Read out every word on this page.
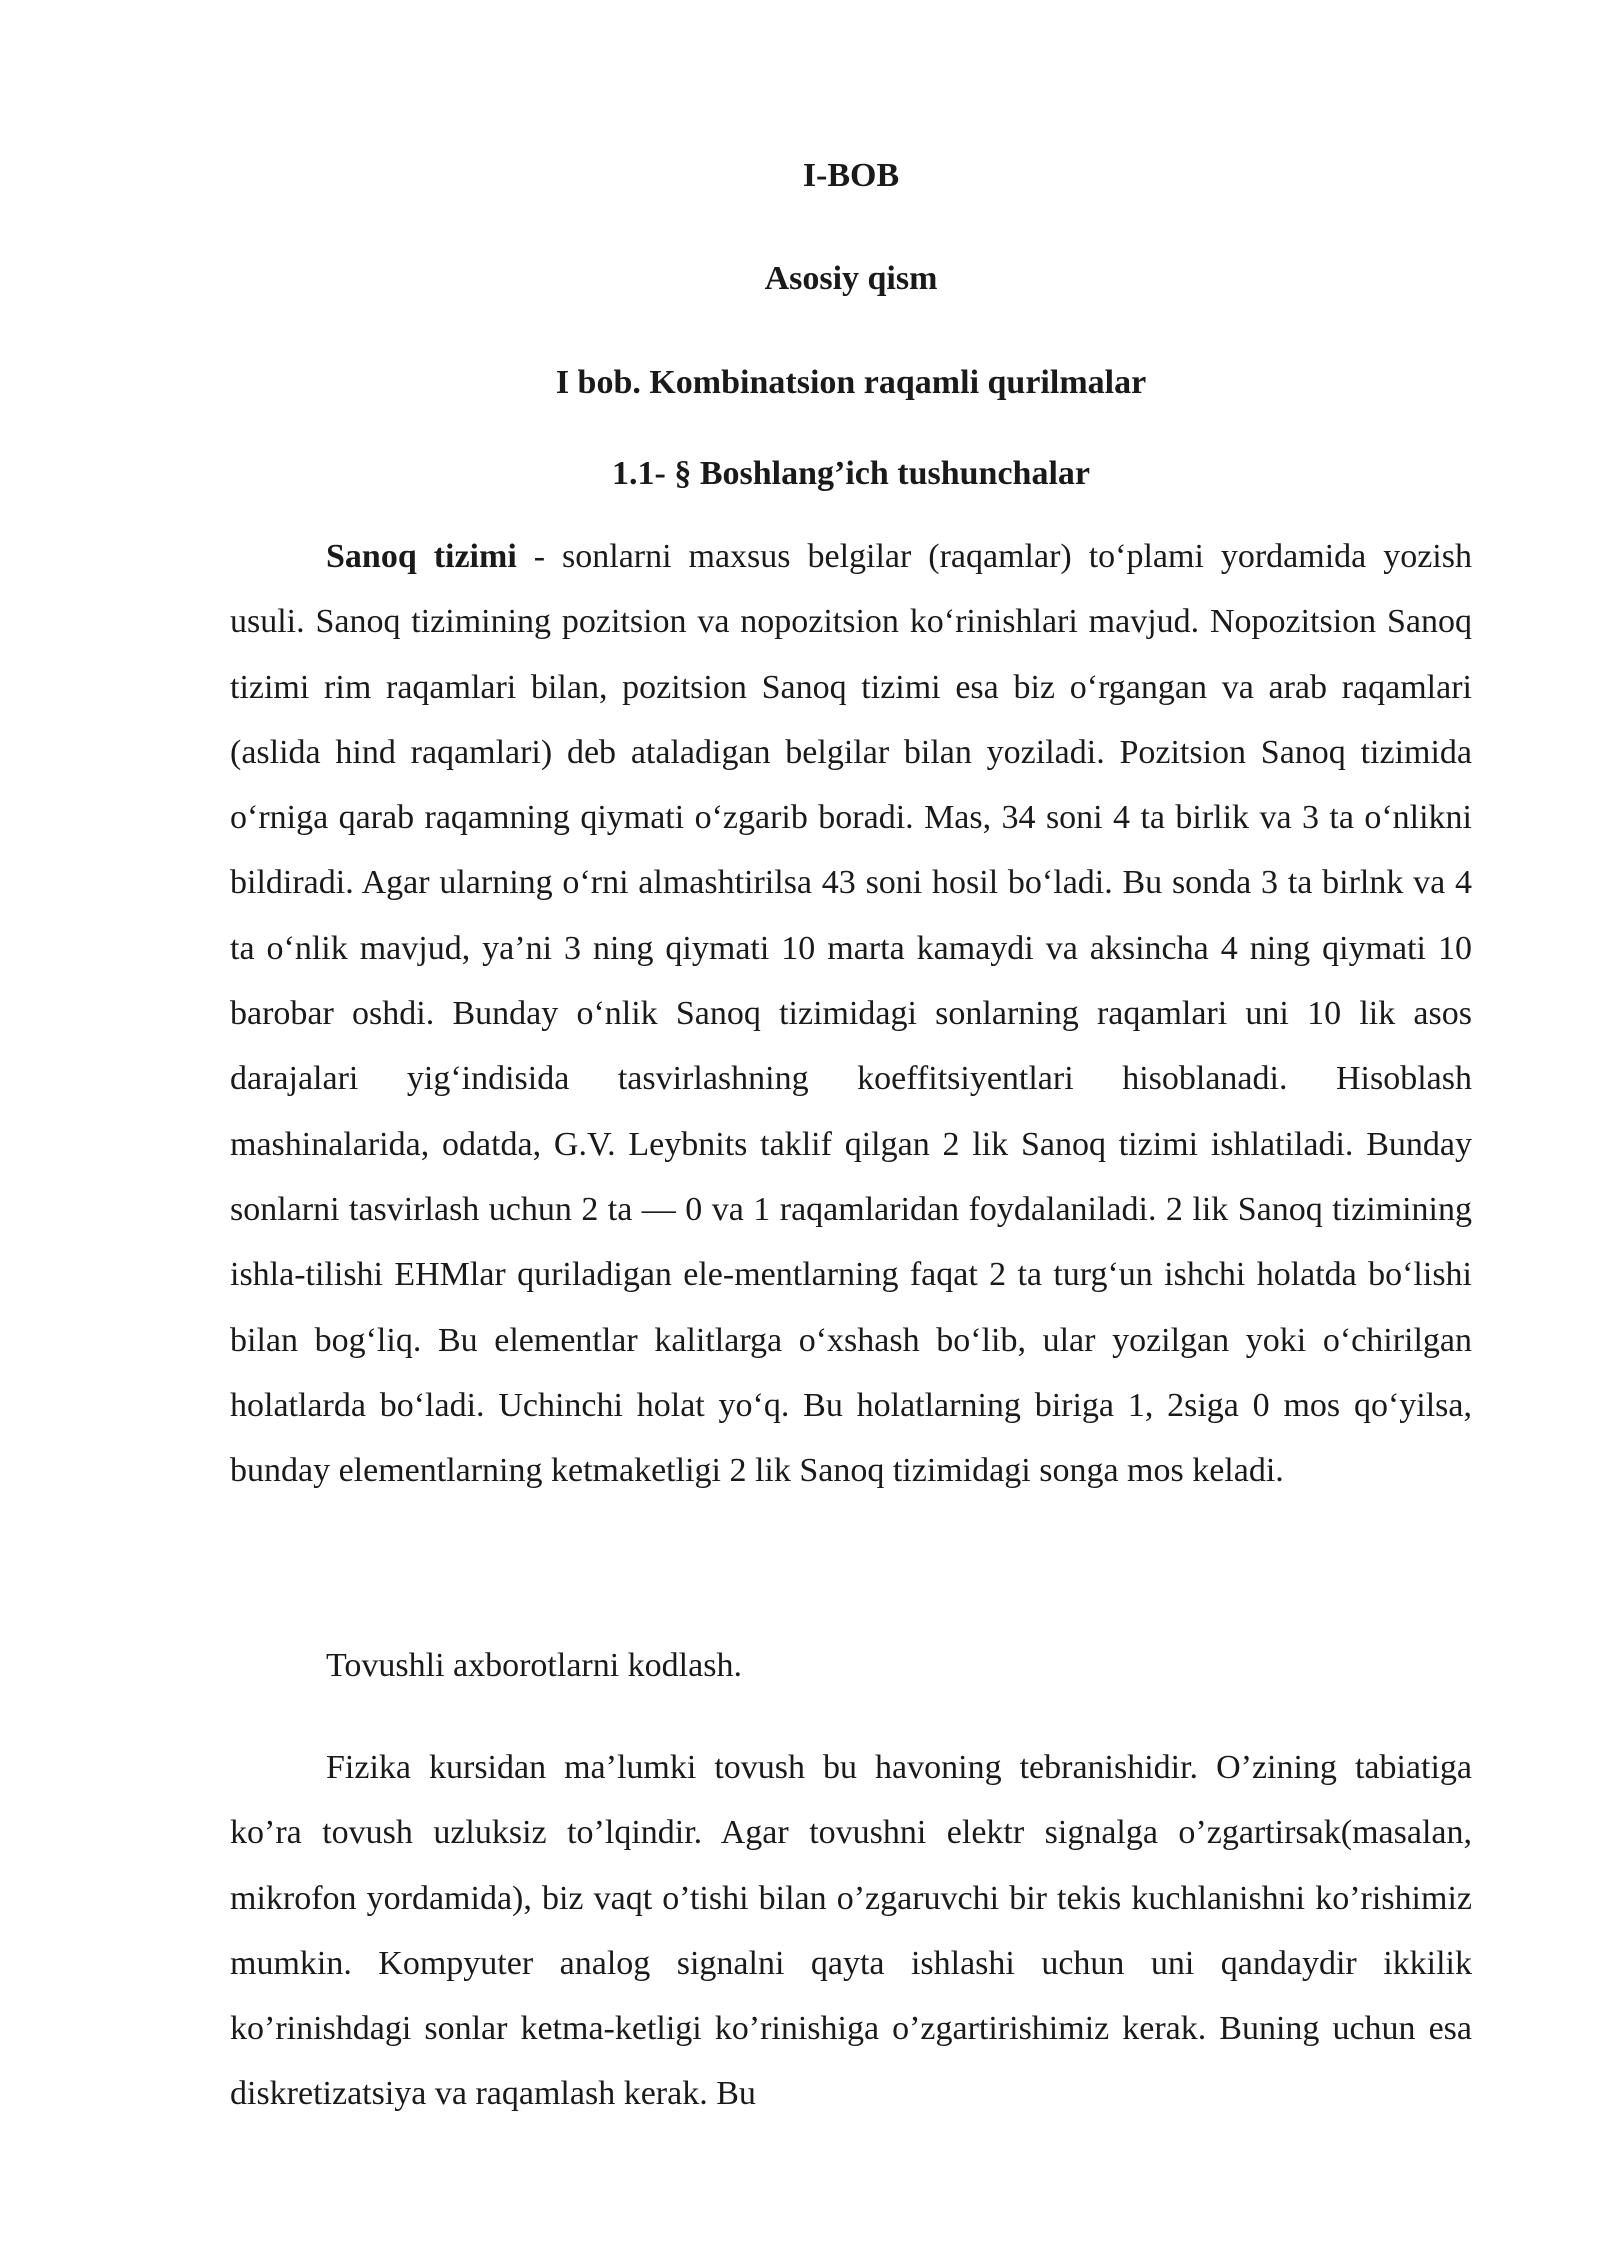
I-BOB
Asosiy qism
I bob. Kombinatsion raqamli qurilmalar
1.1- § Boshlang’ich tushunchalar

Sanoq tizimi - sonlarni maxsus belgilar (raqamlar) to‘plami yordamida yozish usuli. Sanoq tizimining pozitsion va nopozitsion ko‘rinishlari mavjud. Nopozitsion Sanoq tizimi rim raqamlari bilan, pozitsion Sanoq tizimi esa biz o‘rgangan va arab raqamlari (aslida hind raqamlari) deb ataladigan belgilar bilan yoziladi. Pozitsion Sanoq tizimida o‘rniga qarab raqamning qiymati o‘zgarib boradi. Mas, 34 soni 4 ta birlik va 3 ta o‘nlikni bildiradi. Agar ularning o‘rni almashtirilsa 43 soni hosil bo‘ladi. Bu sonda 3 ta birlnk va 4 ta o‘nlik mavjud, ya’ni 3 ning qiymati 10 marta kamaydi va aksincha 4 ning qiymati 10 barobar oshdi. Bunday o‘nlik Sanoq tizimidagi sonlarning raqamlari uni 10 lik asos darajalari yig‘indisida tasvirlashning koeffitsiyentlari hisoblanadi. Hisoblash mashinalarida, odatda, G.V. Leybnits taklif qilgan 2 lik Sanoq tizimi ishlatiladi. Bunday sonlarni tasvirlash uchun 2 ta — 0 va 1 raqamlaridan foydalaniladi. 2 lik Sanoq tizimining ishla-tilishi EHMlar quriladigan ele-mentlarning faqat 2 ta turg‘un ishchi holatda bo‘lishi bilan bog‘liq. Bu elementlar kalitlarga o‘xshash bo‘lib, ular yozilgan yoki o‘chirilgan holatlarda bo‘ladi. Uchinchi holat yo‘q. Bu holatlarning biriga 1, 2siga 0 mos qo‘yilsa, bunday elementlarning ketmaketligi 2 lik Sanoq tizimidagi songa mos keladi.

Tovushli axborotlarni kodlash.

Fizika kursidan ma’lumki tovush bu havoning tebranishidir. O’zining tabiatiga ko’ra tovush uzluksiz to’lqindir. Agar tovushni elektr signalga o’zgartirsak(masalan, mikrofon yordamida), biz vaqt o’tishi bilan o’zgaruvchi bir tekis kuchlanishni ko’rishimiz mumkin. Kompyuter analog signalni qayta ishlashi uchun uni qandaydir ikkilik ko’rinishdagi sonlar ketma-ketligi ko’rinishiga o’zgartirishimiz kerak. Buning uchun esa diskretizatsiya va raqamlash kerak. Bu
